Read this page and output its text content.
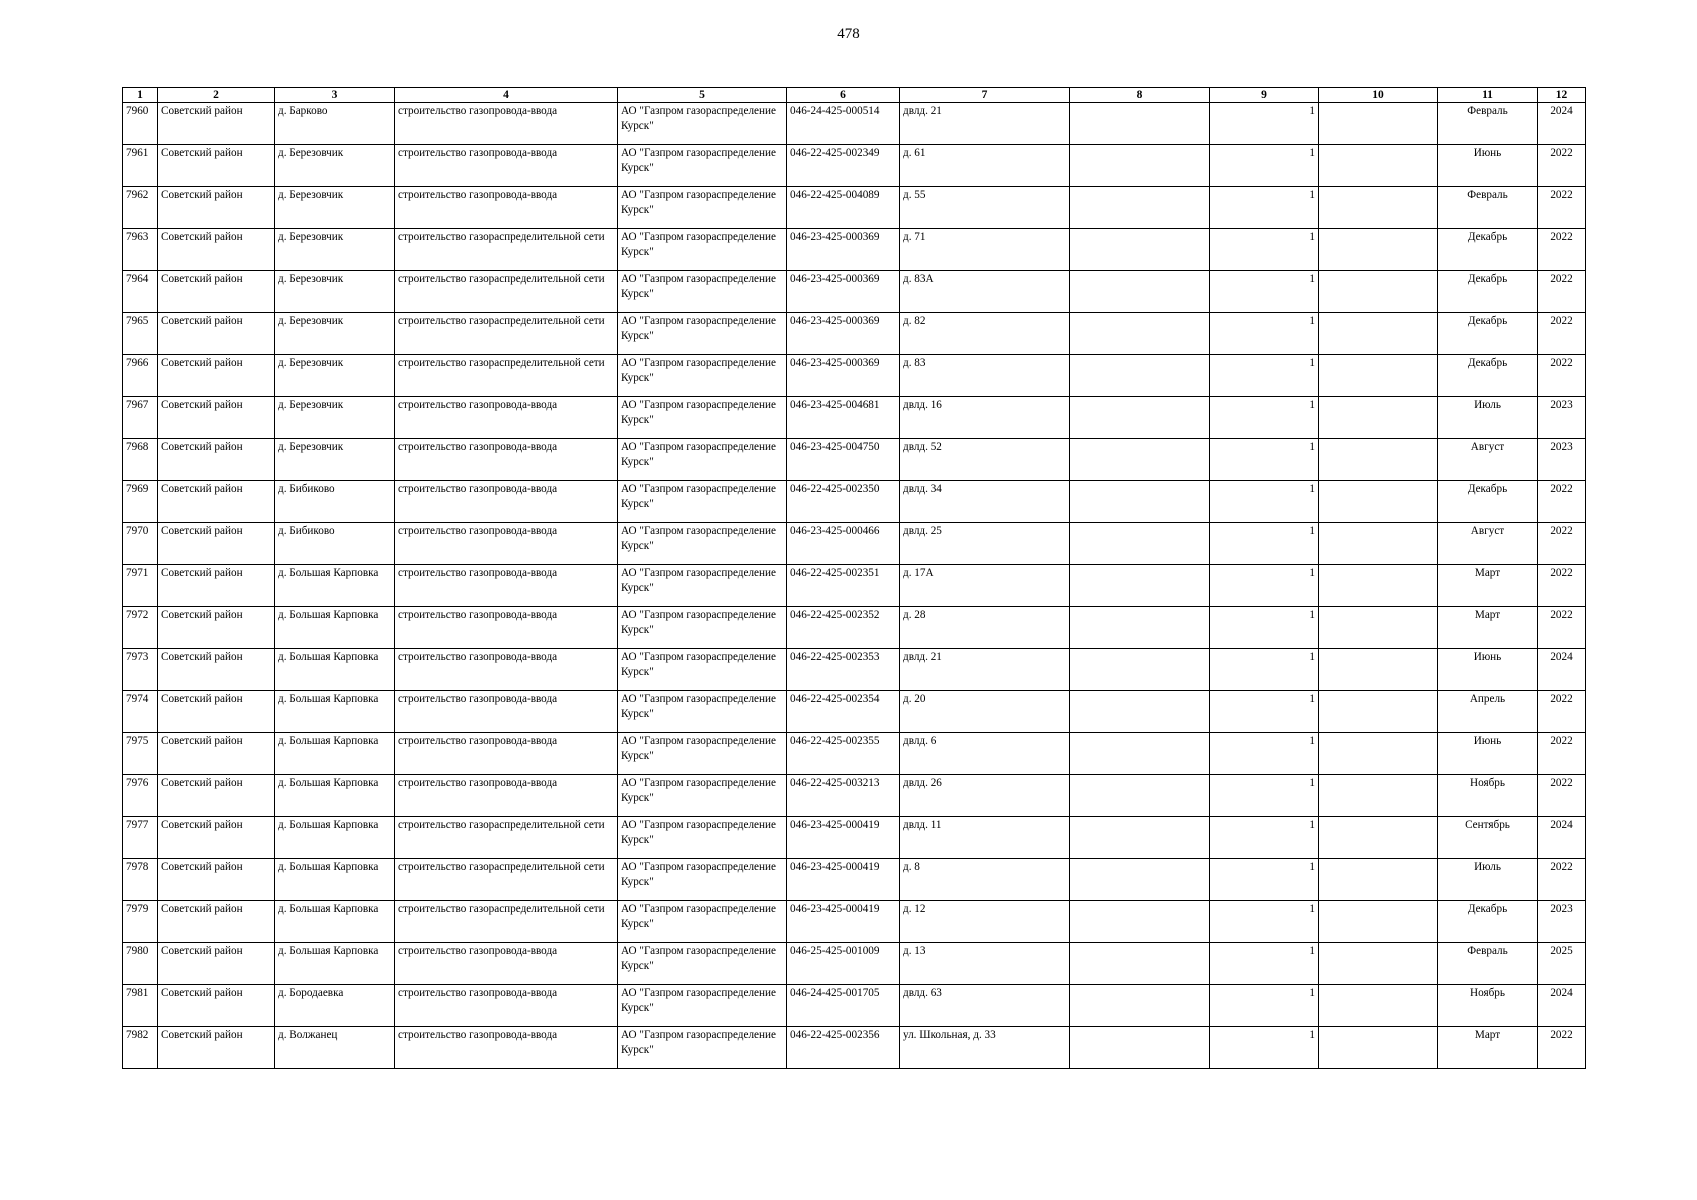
478
1	2	3	4	5	6	7	8	9	10	11	12
7960	Советский район	д. Барково	строительство газопровода-ввода	АО "Газпром газораспределение Курск"	046-24-425-000514	двлд. 21		1		Февраль	2024
7961	Советский район	д. Березовчик	строительство газопровода-ввода	АО "Газпром газораспределение Курск"	046-22-425-002349	д. 61		1		Июнь	2022
7962	Советский район	д. Березовчик	строительство газопровода-ввода	АО "Газпром газораспределение Курск"	046-22-425-004089	д. 55		1		Февраль	2022
7963	Советский район	д. Березовчик	строительство газораспределительной сети	АО "Газпром газораспределение Курск"	046-23-425-000369	д. 71		1		Декабрь	2022
7964	Советский район	д. Березовчик	строительство газораспределительной сети	АО "Газпром газораспределение Курск"	046-23-425-000369	д. 83А		1		Декабрь	2022
7965	Советский район	д. Березовчик	строительство газораспределительной сети	АО "Газпром газораспределение Курск"	046-23-425-000369	д. 82		1		Декабрь	2022
7966	Советский район	д. Березовчик	строительство газораспределительной сети	АО "Газпром газораспределение Курск"	046-23-425-000369	д. 83		1		Декабрь	2022
7967	Советский район	д. Березовчик	строительство газопровода-ввода	АО "Газпром газораспределение Курск"	046-23-425-004681	двлд. 16		1		Июль	2023
7968	Советский район	д. Березовчик	строительство газопровода-ввода	АО "Газпром газораспределение Курск"	046-23-425-004750	двлд. 52		1		Август	2023
7969	Советский район	д. Бибиково	строительство газопровода-ввода	АО "Газпром газораспределение Курск"	046-22-425-002350	двлд. 34		1		Декабрь	2022
7970	Советский район	д. Бибиково	строительство газопровода-ввода	АО "Газпром газораспределение Курск"	046-23-425-000466	двлд. 25		1		Август	2022
7971	Советский район	д. Большая Карповка	строительство газопровода-ввода	АО "Газпром газораспределение Курск"	046-22-425-002351	д. 17А		1		Март	2022
7972	Советский район	д. Большая Карповка	строительство газопровода-ввода	АО "Газпром газораспределение Курск"	046-22-425-002352	д. 28		1		Март	2022
7973	Советский район	д. Большая Карповка	строительство газопровода-ввода	АО "Газпром газораспределение Курск"	046-22-425-002353	двлд. 21		1		Июнь	2024
7974	Советский район	д. Большая Карповка	строительство газопровода-ввода	АО "Газпром газораспределение Курск"	046-22-425-002354	д. 20		1		Апрель	2022
7975	Советский район	д. Большая Карповка	строительство газопровода-ввода	АО "Газпром газораспределение Курск"	046-22-425-002355	двлд. 6		1		Июнь	2022
7976	Советский район	д. Большая Карповка	строительство газопровода-ввода	АО "Газпром газораспределение Курск"	046-22-425-003213	двлд. 26		1		Ноябрь	2022
7977	Советский район	д. Большая Карповка	строительство газораспределительной сети	АО "Газпром газораспределение Курск"	046-23-425-000419	двлд. 11		1		Сентябрь	2024
7978	Советский район	д. Большая Карповка	строительство газораспределительной сети	АО "Газпром газораспределение Курск"	046-23-425-000419	д. 8		1		Июль	2022
7979	Советский район	д. Большая Карповка	строительство газораспределительной сети	АО "Газпром газораспределение Курск"	046-23-425-000419	д. 12		1		Декабрь	2023
7980	Советский район	д. Большая Карповка	строительство газопровода-ввода	АО "Газпром газораспределение Курск"	046-25-425-001009	д. 13		1		Февраль	2025
7981	Советский район	д. Бородаевка	строительство газопровода-ввода	АО "Газпром газораспределение Курск"	046-24-425-001705	двлд. 63		1		Ноябрь	2024
7982	Советский район	д. Волжанец	строительство газопровода-ввода	АО "Газпром газораспределение Курск"	046-22-425-002356	ул. Школьная, д. 33		1		Март	2022
